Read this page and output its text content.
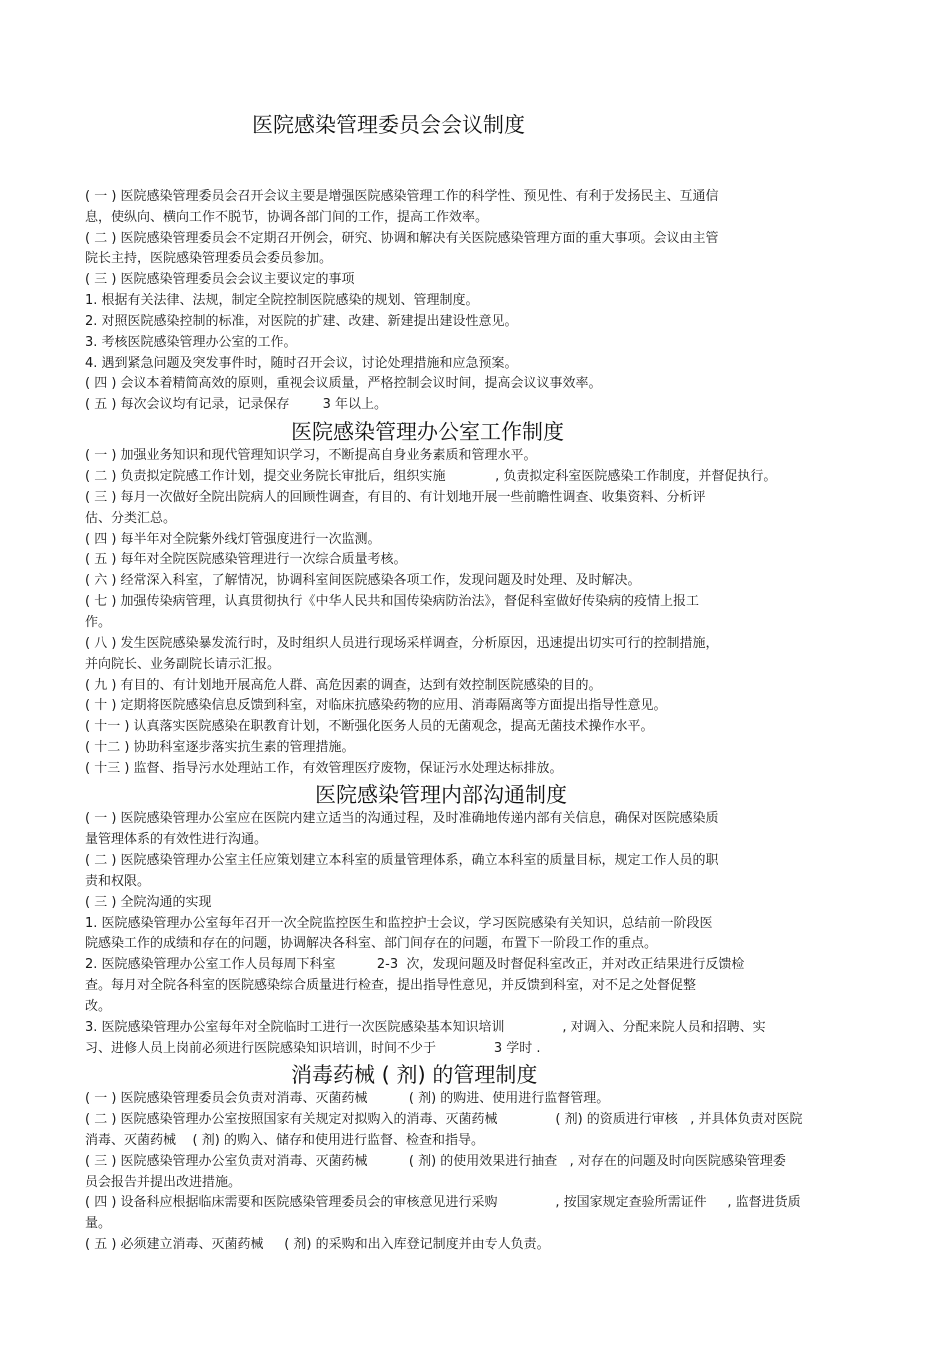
医院感染管理委员会会议制度
( 一 ) 医院感染管理委员会召开会议主要是增强医院感染管理工作的科学性、预见性、有利于发扬民主、互通信
息，使纵向、横向工作不脱节，协调各部门间的工作，提高工作效率。
( 二 ) 医院感染管理委员会不定期召开例会，研究、协调和解决有关医院感染管理方面的重大事项。会议由主管
院长主持，医院感染管理委员会委员参加。
( 三 ) 医院感染管理委员会会议主要议定的事项
1. 根据有关法律、法规，制定全院控制医院感染的规划、管理制度。
2. 对照医院感染控制的标准，对医院的扩建、改建、新建提出建设性意见。
3. 考核医院感染管理办公室的工作。
4. 遇到紧急问题及突发事件时，随时召开会议，讨论处理措施和应急预案。
( 四 ) 会议本着精简高效的原则，重视会议质量，严格控制会议时间，提高会议议事效率。
( 五 ) 每次会议均有记录，记录保存        3 年以上。
医院感染管理办公室工作制度
( 一 ) 加强业务知识和现代管理知识学习，不断提高自身业务素质和管理水平。
( 二 ) 负责拟定院感工作计划，提交业务院长审批后，组织实施            , 负责拟定科室医院感染工作制度，并督促执行。
( 三 ) 每月一次做好全院出院病人的回顾性调查，有目的、有计划地开展一些前瞻性调查、收集资料、分析评
估、分类汇总。
( 四 ) 每半年对全院紫外线灯管强度进行一次监测。
( 五 ) 每年对全院医院感染管理进行一次综合质量考核。
( 六 ) 经常深入科室，了解情况，协调科室间医院感染各项工作，发现问题及时处理、及时解决。
( 七 ) 加强传染病管理，认真贯彻执行《中华人民共和国传染病防治法》，督促科室做好传染病的疫情上报工
作。
( 八 ) 发生医院感染暴发流行时，及时组织人员进行现场采样调查，分析原因，迅速提出切实可行的控制措施，
并向院长、业务副院长请示汇报。
( 九 ) 有目的、有计划地开展高危人群、高危因素的调查，达到有效控制医院感染的目的。
( 十 ) 定期将医院感染信息反馈到科室，对临床抗感染药物的应用、消毒隔离等方面提出指导性意见。
( 十一 ) 认真落实医院感染在职教育计划，不断强化医务人员的无菌观念，提高无菌技术操作水平。
( 十二 ) 协助科室逐步落实抗生素的管理措施。
( 十三 ) 监督、指导污水处理站工作，有效管理医疗废物，保证污水处理达标排放。
医院感染管理内部沟通制度
( 一 ) 医院感染管理办公室应在医院内建立适当的沟通过程，及时准确地传递内部有关信息，确保对医院感染质
量管理体系的有效性进行沟通。
( 二 ) 医院感染管理办公室主任应策划建立本科室的质量管理体系，确立本科室的质量目标，规定工作人员的职
责和权限。
( 三 ) 全院沟通的实现
1. 医院感染管理办公室每年召开一次全院监控医生和监控护士会议，学习医院感染有关知识，总结前一阶段医
院感染工作的成绩和存在的问题，协调解决各科室、部门间存在的问题，布置下一阶段工作的重点。
2. 医院感染管理办公室工作人员每周下科室          2-3  次，发现问题及时督促科室改正，并对改正结果进行反馈检
查。每月对全院各科室的医院感染综合质量进行检查，提出指导性意见，并反馈到科室，对不足之处督促整
改。
3. 医院感染管理办公室每年对全院临时工进行一次医院感染基本知识培训              , 对调入、分配来院人员和招聘、实
习、进修人员上岗前必须进行医院感染知识培训，时间不少于              3 学时 .
消毒药械 ( 剂) 的管理制度
( 一 ) 医院感染管理委员会负责对消毒、灭菌药械          ( 剂) 的购进、使用进行监督管理。
( 二 ) 医院感染管理办公室按照国家有关规定对拟购入的消毒、灭菌药械              ( 剂) 的资质进行审核   , 并具体负责对医院
消毒、灭菌药械    ( 剂) 的购入、储存和使用进行监督、检查和指导。
( 三 ) 医院感染管理办公室负责对消毒、灭菌药械          ( 剂) 的使用效果进行抽查   , 对存在的问题及时向医院感染管理委
员会报告并提出改进措施。
( 四 ) 设备科应根据临床需要和医院感染管理委员会的审核意见进行采购              , 按国家规定查验所需证件     , 监督进货质
量。
( 五 ) 必须建立消毒、灭菌药械     ( 剂) 的采购和出入库登记制度并由专人负责。
